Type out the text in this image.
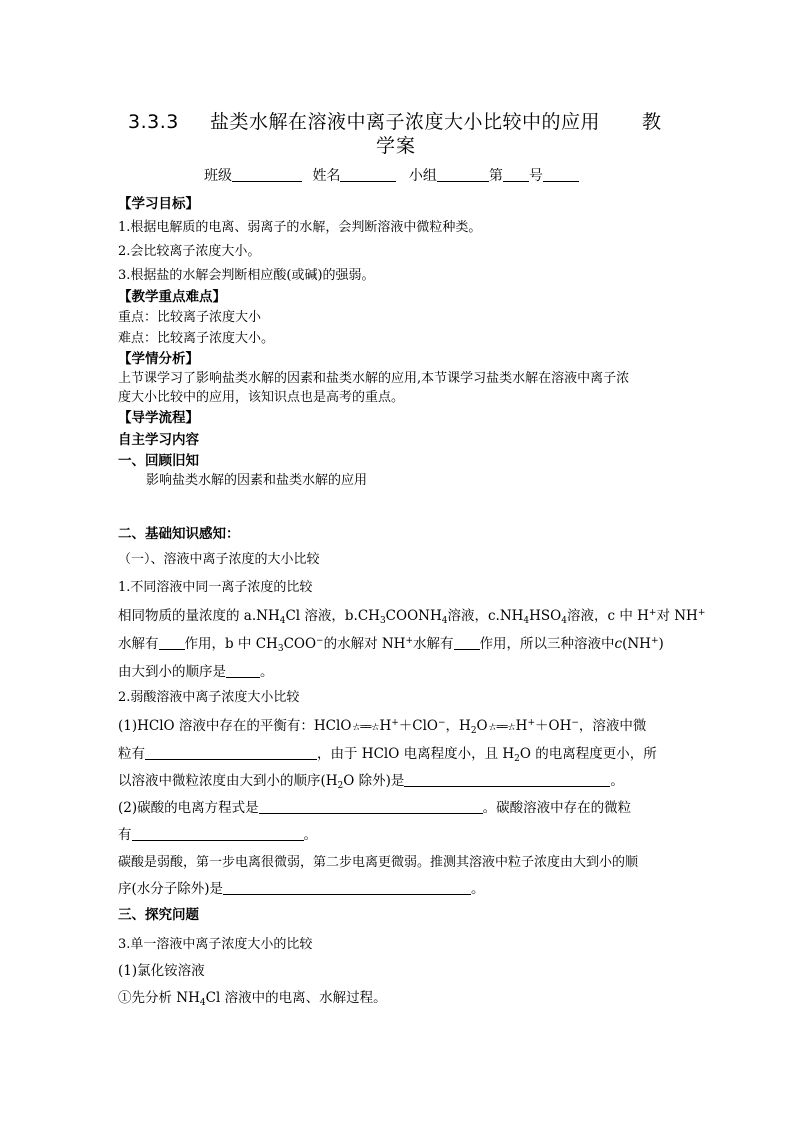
3.3.3 盐类水解在溶液中离子浓度大小比较中的应用 教
学案
班级	姓名	小组	第 号
【学习目标】
1.根据电解质的电离、弱离子的水解，会判断溶液中微粒种类。
2.会比较离子浓度大小。
3.根据盐的水解会判断相应酸(或碱)的强弱。
【教学重点难点】
重点：比较离子浓度大小
难点：比较离子浓度大小。
【学情分析】
上节课学习了影响盐类水解的因素和盐类水解的应用,本节课学习盐类水解在溶液中离子浓
度大小比较中的应用，该知识点也是高考的重点。
【导学流程】
自主学习内容
一、回顾旧知
影响盐类水解的因素和盐类水解的应用
二、基础知识感知：
（一）、溶液中离子浓度的大小比较
1.不同溶液中同一离子浓度的比较
相同物质的量浓度的 $a.NH_4Cl$ 溶液，$b.CH_3COONH_4$溶液，$c.NH_4HSO_4$溶液，c 中 H+对 NH+
水解有 作用，b 中 $CH_3COO^-$的水解对 NH+水解有 作用，所以三种溶液中c(NH+)
由大到小的顺序是	。
2.弱酸溶液中离子浓度大小比较
(1)HClO 溶液中存在的平衡有：HClOㄊ══ㄊH+＋ClO−，$H_2O$ㄊ══ㄊH+＋OH−，溶液中微
粒有	，由于 HClO 电离程度小，且 $H_2O$ 的电离程度更小，所
以溶液中微粒浓度由大到小的顺序($H_2O$ 除外)是	。
(2)碳酸的电离方程式是	。碳酸溶液中存在的微粒
有	。
碳酸是弱酸，第一步电离很微弱，第二步电离更微弱。推测其溶液中粒子浓度由大到小的顺
序(水分子除外)是	。
三、探究问题
3.单一溶液中离子浓度大小的比较
(1)氯化铵溶液
①先分析 $NH_4Cl$ 溶液中的电离、水解过程。
